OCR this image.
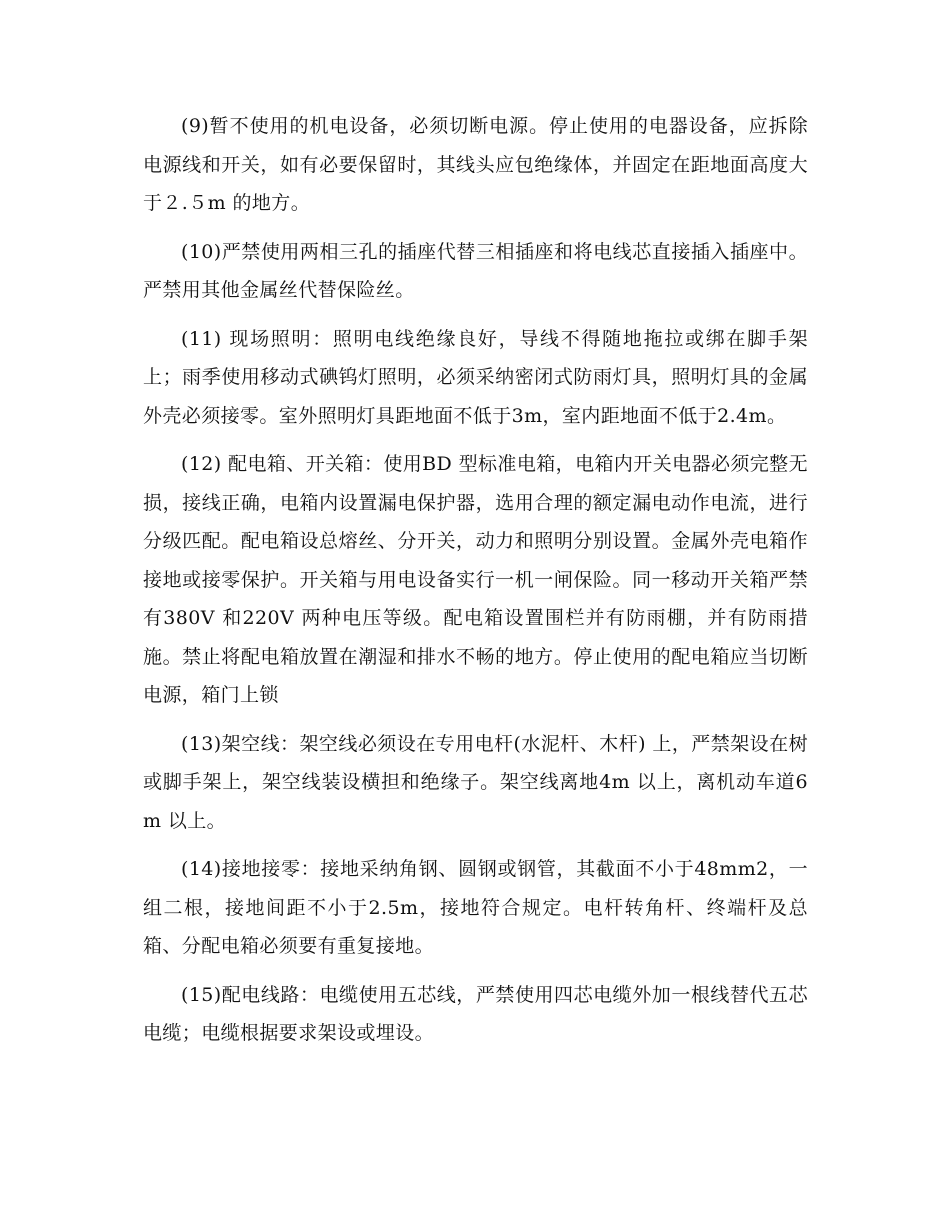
(9)暂不使用的机电设备，必须切断电源。停止使用的电器设备，应拆除电源线和开关，如有必要保留时，其线头应包绝缘体，并固定在距地面高度大于２.５m 的地方。

(10)严禁使用两相三孔的插座代替三相插座和将电线芯直接插入插座中。严禁用其他金属丝代替保险丝。

(11) 现场照明：照明电线绝缘良好，导线不得随地拖拉或绑在脚手架上；雨季使用移动式碘钨灯照明，必须采纳密闭式防雨灯具，照明灯具的金属外壳必须接零。室外照明灯具距地面不低于3m，室内距地面不低于2.4m。

(12) 配电箱、开关箱：使用BD 型标准电箱，电箱内开关电器必须完整无损，接线正确，电箱内设置漏电保护器，选用合理的额定漏电动作电流，进行分级匹配。配电箱设总熔丝、分开关，动力和照明分别设置。金属外壳电箱作接地或接零保护。开关箱与用电设备实行一机一闸保险。同一移动开关箱严禁有380V 和220V 两种电压等级。配电箱设置围栏并有防雨棚，并有防雨措施。禁止将配电箱放置在潮湿和排水不畅的地方。停止使用的配电箱应当切断电源，箱门上锁

(13)架空线：架空线必须设在专用电杆(水泥杆、木杆) 上，严禁架设在树或脚手架上，架空线装设横担和绝缘子。架空线离地4m 以上，离机动车道6m 以上。

(14)接地接零：接地采纳角钢、圆钢或钢管，其截面不小于48mm2，一组二根，接地间距不小于2.5m，接地符合规定。电杆转角杆、终端杆及总箱、分配电箱必须要有重复接地。

(15)配电线路：电缆使用五芯线，严禁使用四芯电缆外加一根线替代五芯电缆；电缆根据要求架设或埋设。
